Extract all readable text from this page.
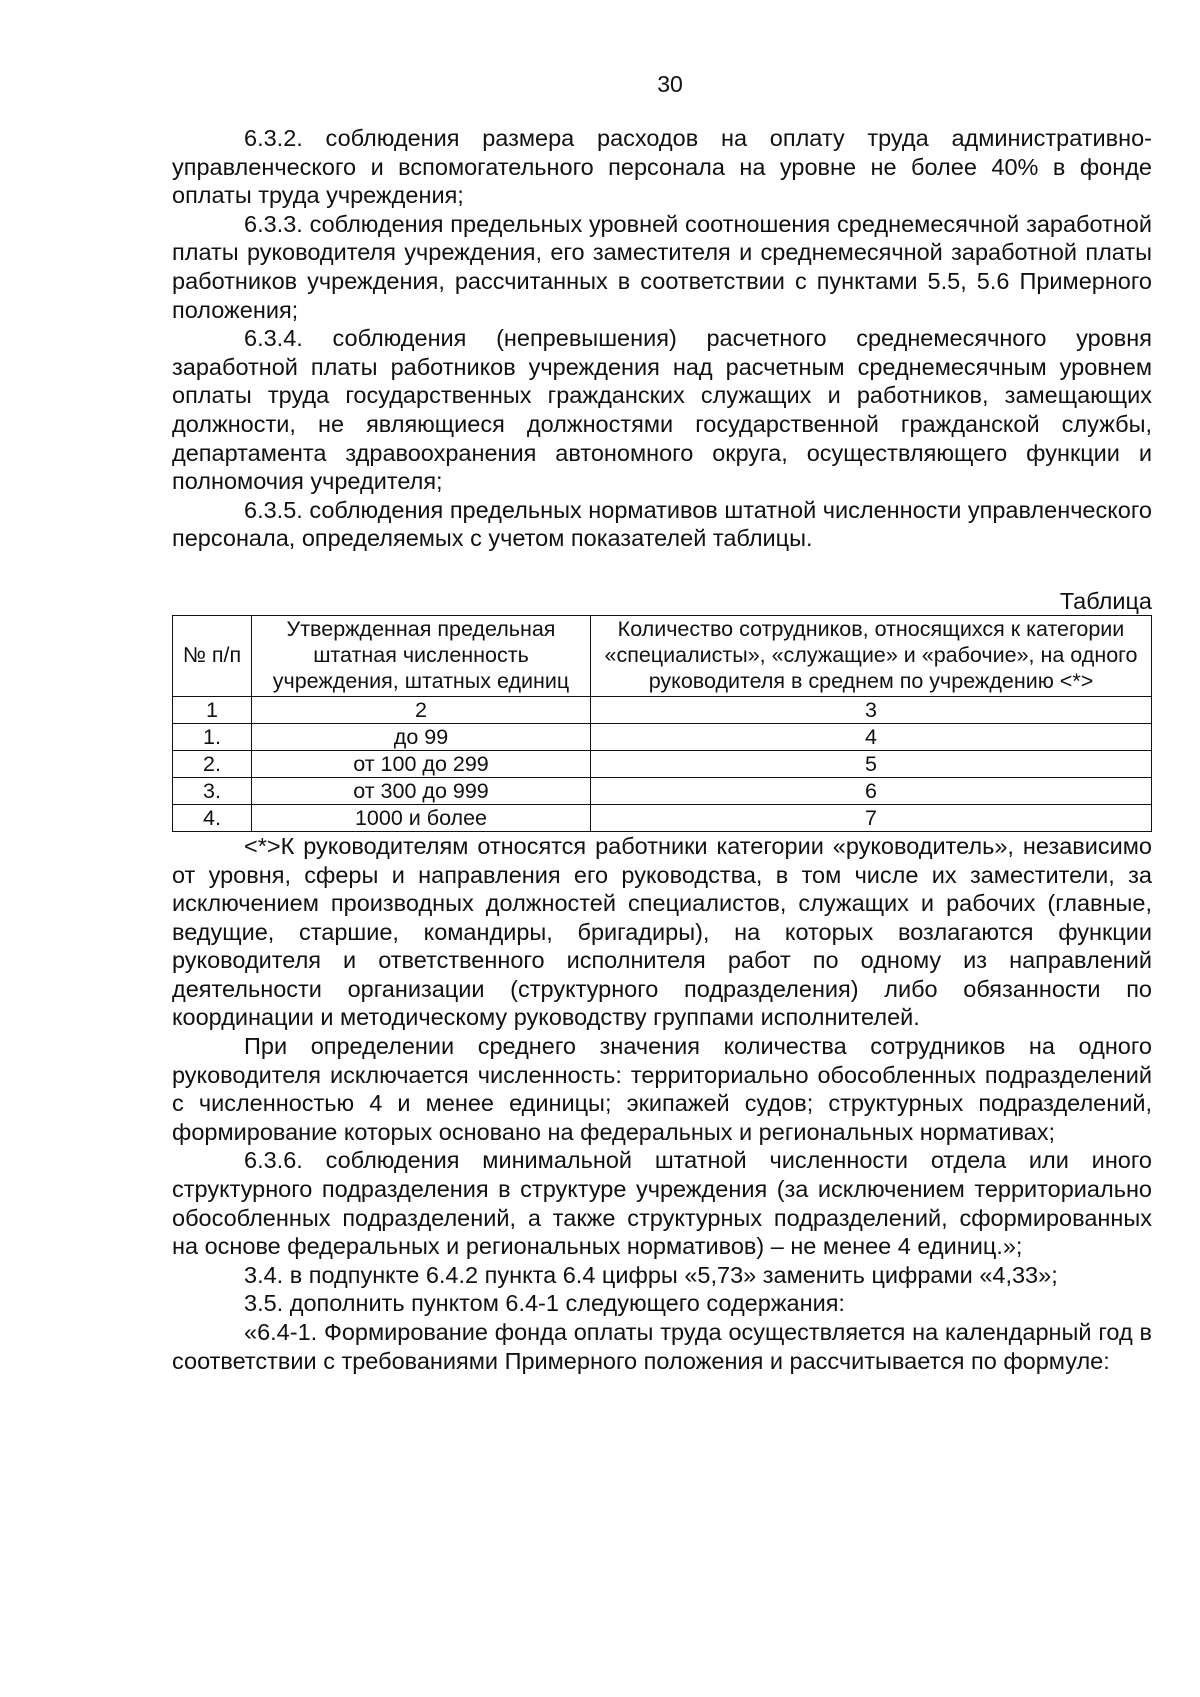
30

6.3.2. соблюдения размера расходов на оплату труда административно-управленческого и вспомогательного персонала на уровне не более 40% в фонде оплаты труда учреждения;

6.3.3. соблюдения предельных уровней соотношения среднемесячной заработной платы руководителя учреждения, его заместителя и среднемесячной заработной платы работников учреждения, рассчитанных в соответствии с пунктами 5.5, 5.6 Примерного положения;

6.3.4. соблюдения (непревышения) расчетного среднемесячного уровня заработной платы работников учреждения над расчетным среднемесячным уровнем оплаты труда государственных гражданских служащих и работников, замещающих должности, не являющиеся должностями государственной гражданской службы, департамента здравоохранения автономного округа, осуществляющего функции и полномочия учредителя;

6.3.5. соблюдения предельных нормативов штатной численности управленческого персонала, определяемых с учетом показателей таблицы.

Таблица
№ п/п	Утвержденная предельная штатная численность учреждения, штатных единиц	Количество сотрудников, относящихся к категории «специалисты», «служащие» и «рабочие», на одного руководителя в среднем по учреждению <*>
1	2	3
1.	до 99	4
2.	от 100 до 299	5
3.	от 300 до 999	6
4.	1000 и более	7

<*>К руководителям относятся работники категории «руководитель», независимо от уровня, сферы и направления его руководства, в том числе их заместители, за исключением производных должностей специалистов, служащих и рабочих (главные, ведущие, старшие, командиры, бригадиры), на которых возлагаются функции руководителя и ответственного исполнителя работ по одному из направлений деятельности организации (структурного подразделения) либо обязанности по координации и методическому руководству группами исполнителей.

При определении среднего значения количества сотрудников на одного руководителя исключается численность: территориально обособленных подразделений с численностью 4 и менее единицы; экипажей судов; структурных подразделений, формирование которых основано на федеральных и региональных нормативах;

6.3.6. соблюдения минимальной штатной численности отдела или иного структурного подразделения в структуре учреждения (за исключением территориально обособленных подразделений, а также структурных подразделений, сформированных на основе федеральных и региональных нормативов) – не менее 4 единиц.»;

3.4. в подпункте 6.4.2 пункта 6.4 цифры «5,73» заменить цифрами «4,33»;

3.5. дополнить пунктом 6.4-1 следующего содержания:

«6.4-1. Формирование фонда оплаты труда осуществляется на календарный год в соответствии с требованиями Примерного положения и рассчитывается по формуле:
